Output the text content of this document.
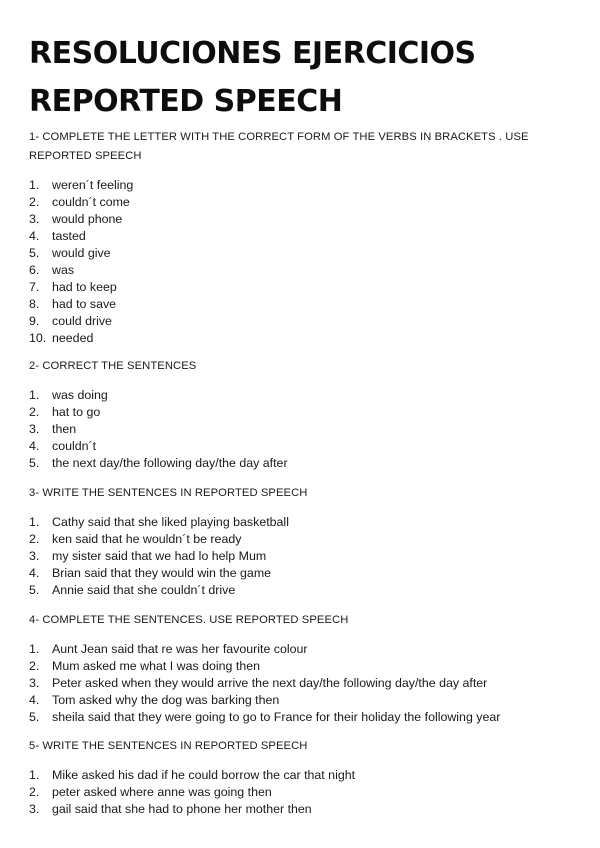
RESOLUCIONES EJERCICIOS
REPORTED SPEECH

1- COMPLETE THE LETTER WITH THE CORRECT FORM OF THE VERBS IN BRACKETS . USE REPORTED SPEECH

1.	weren´t feeling
2.	couldn´t come
3.	would phone
4.	tasted
5.	would give
6.	was
7.	had to keep
8.	had to save
9.	could drive
10. needed

2- CORRECT THE SENTENCES

1.	was doing
2.	hat to go
3.	then
4.	couldn´t
5.	the next day/the following day/the day after

3- WRITE THE SENTENCES IN REPORTED SPEECH

1.	Cathy said that she liked playing basketball
2.	ken said that he wouldn´t be ready
3.	my sister said that we had lo help Mum
4.	Brian said that they would win the game
5.	Annie said that she couldn´t drive

4- COMPLETE THE SENTENCES. USE REPORTED SPEECH

1.	Aunt Jean said that re was her favourite colour
2.	Mum asked me what I was doing then
3.	Peter asked when they would arrive the next day/the following day/the day after
4.	Tom asked why the dog was barking then
5.	sheila said that they were going to go to France for their holiday the following year

5- WRITE THE SENTENCES IN REPORTED SPEECH

1.	Mike asked his dad if he could borrow the car that night
2.	peter asked where anne was going then
3.	gail said that she had to phone her mother then
